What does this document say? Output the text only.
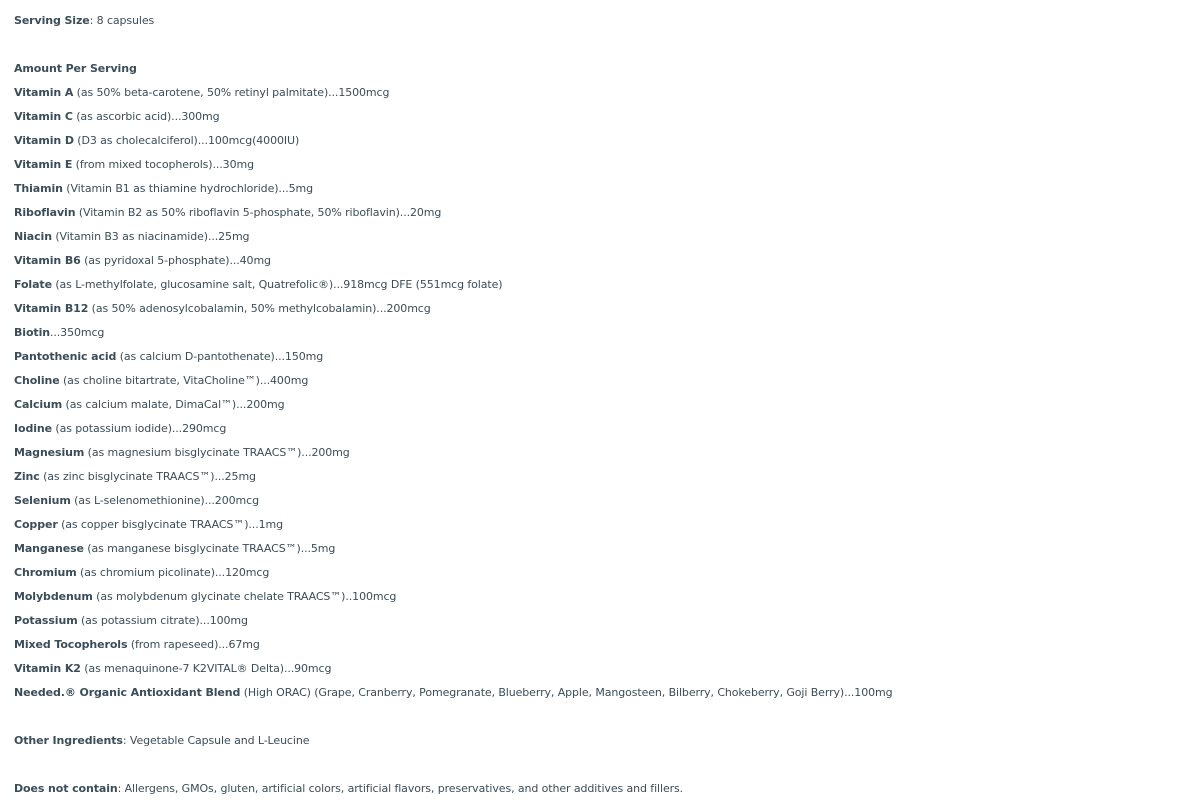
Serving Size: 8 capsules
Amount Per Serving
Vitamin A (as 50% beta-carotene, 50% retinyl palmitate)...1500mcg
Vitamin C (as ascorbic acid)...300mg
Vitamin D (D3 as cholecalciferol)...100mcg(4000IU)
Vitamin E (from mixed tocopherols)...30mg
Thiamin (Vitamin B1 as thiamine hydrochloride)...5mg
Riboflavin (Vitamin B2 as 50% riboflavin 5-phosphate, 50% riboflavin)...20mg
Niacin (Vitamin B3 as niacinamide)...25mg
Vitamin B6 (as pyridoxal 5-phosphate)...40mg
Folate (as L-methylfolate, glucosamine salt, Quatrefolic®)...918mcg DFE (551mcg folate)
Vitamin B12 (as 50% adenosylcobalamin, 50% methylcobalamin)...200mcg
Biotin...350mcg
Pantothenic acid (as calcium D-pantothenate)...150mg
Choline (as choline bitartrate, VitaCholine™)...400mg
Calcium (as calcium malate, DimaCal™)...200mg
Iodine (as potassium iodide)...290mcg
Magnesium (as magnesium bisglycinate TRAACS™)...200mg
Zinc (as zinc bisglycinate TRAACS™)...25mg
Selenium (as L-selenomethionine)...200mcg
Copper (as copper bisglycinate TRAACS™)...1mg
Manganese (as manganese bisglycinate TRAACS™)...5mg
Chromium (as chromium picolinate)...120mcg
Molybdenum (as molybdenum glycinate chelate TRAACS™)..100mcg
Potassium (as potassium citrate)...100mg
Mixed Tocopherols (from rapeseed)...67mg
Vitamin K2 (as menaquinone-7 K2VITAL® Delta)...90mcg
Needed.® Organic Antioxidant Blend (High ORAC) (Grape, Cranberry, Pomegranate, Blueberry, Apple, Mangosteen, Bilberry, Chokeberry, Goji Berry)...100mg
Other Ingredients: Vegetable Capsule and L-Leucine
Does not contain: Allergens, GMOs, gluten, artificial colors, artificial flavors, preservatives, and other additives and fillers.
